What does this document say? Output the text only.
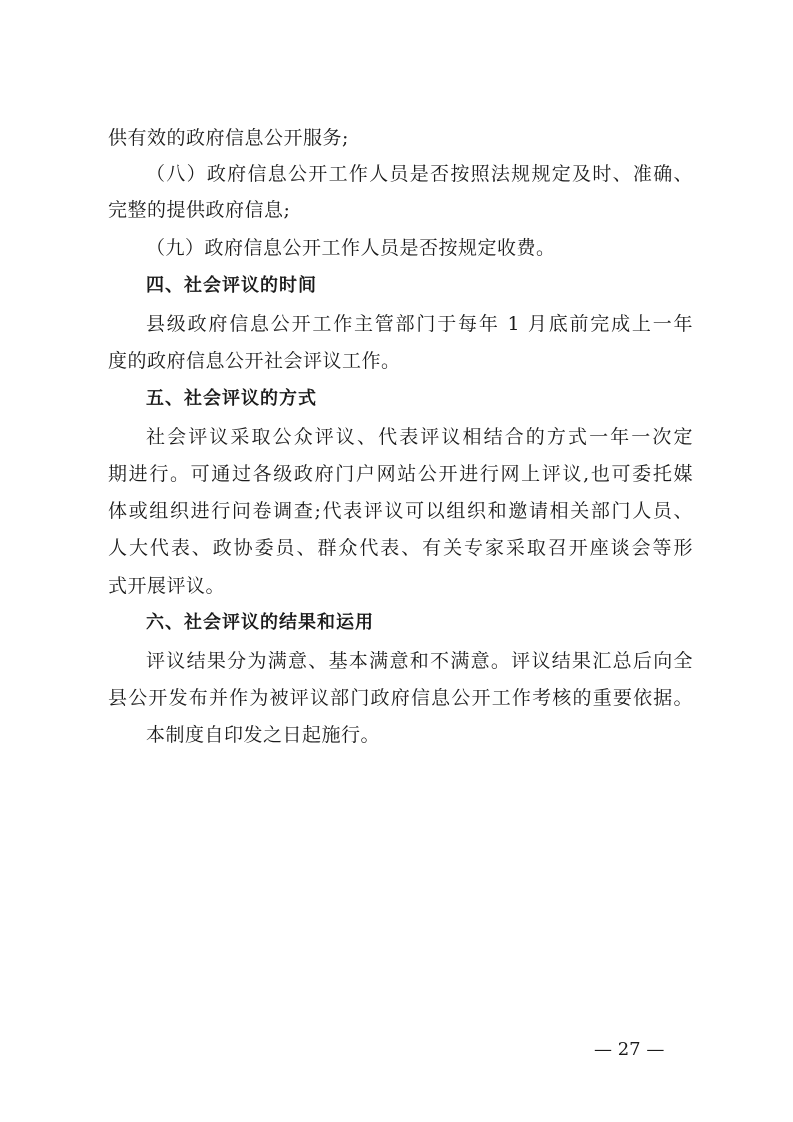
供有效的政府信息公开服务;
（八）政府信息公开工作人员是否按照法规规定及时、准确、
完整的提供政府信息;
（九）政府信息公开工作人员是否按规定收费。
四、社会评议的时间
县级政府信息公开工作主管部门于每年 1 月底前完成上一年
度的政府信息公开社会评议工作。
五、社会评议的方式
社会评议采取公众评议、代表评议相结合的方式一年一次定
期进行。可通过各级政府门户网站公开进行网上评议,也可委托媒
体或组织进行问卷调查;代表评议可以组织和邀请相关部门人员、
人大代表、政协委员、群众代表、有关专家采取召开座谈会等形
式开展评议。
六、社会评议的结果和运用
评议结果分为满意、基本满意和不满意。评议结果汇总后向全
县公开发布并作为被评议部门政府信息公开工作考核的重要依据。
本制度自印发之日起施行。
— 27 —
